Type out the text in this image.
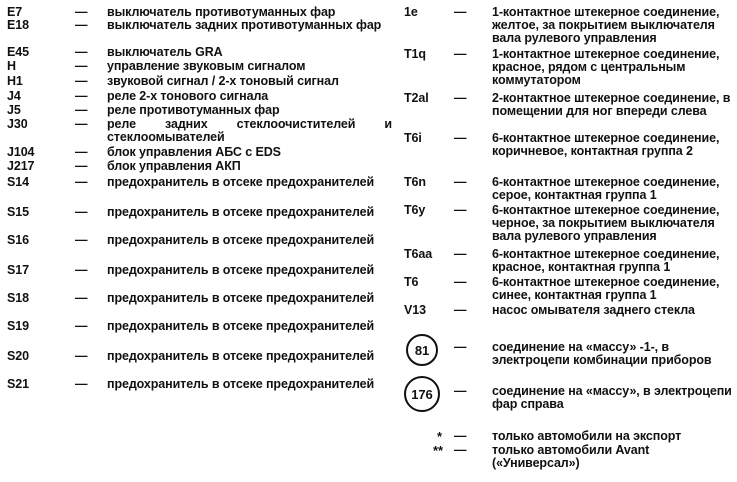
E7	— выключатель противотуманных фар
E18	— выключатель задних противотуманных фар
E45	— выключатель GRA
H	— управление звуковым сигналом
H1	— звуковой сигнал / 2-х тоновый сигнал
J4	— реле 2-х тонового сигнала
J5	— реле противотуманных фар
J30	— реле задних стеклоочистителей и стеклоомывателей
J104	— блок управления АБС с EDS
J217	— блок управления АКП
S14	— предохранитель в отсеке предохранителей
S15	— предохранитель в отсеке предохранителей
S16	— предохранитель в отсеке предохранителей
S17	— предохранитель в отсеке предохранителей
S18	— предохранитель в отсеке предохранителей
S19	— предохранитель в отсеке предохранителей
S20	— предохранитель в отсеке предохранителей
S21	— предохранитель в отсеке предохранителей
1e	— 1-контактное штекерное соединение, желтое, за покрытием выключателя вала рулевого управления
T1q — 1-контактное штекерное соединение, красное, рядом с центральным коммутатором
T2al — 2-контактное штекерное соединение, в помещении для ног впереди слева
T6i	— 6-контактное штекерное соединение, коричневое, контактная группа 2
T6n — 6-контактное штекерное соединение, серое, контактная группа 1
T6y — 6-контактное штекерное соединение, черное, за покрытием выключателя вала рулевого управления
T6aa — 6-контактное штекерное соединение, красное, контактная группа 1
T6	— 6-контактное штекерное соединение, синее, контактная группа 1
V13 — насос омывателя заднего стекла
81	— соединение на «массу» -1-, в электроцепи комбинации приборов
176	— соединение на «массу», в электроцепи фар справа
* — только автомобили на экспорт
** — только автомобили Avant («Универсал»)
